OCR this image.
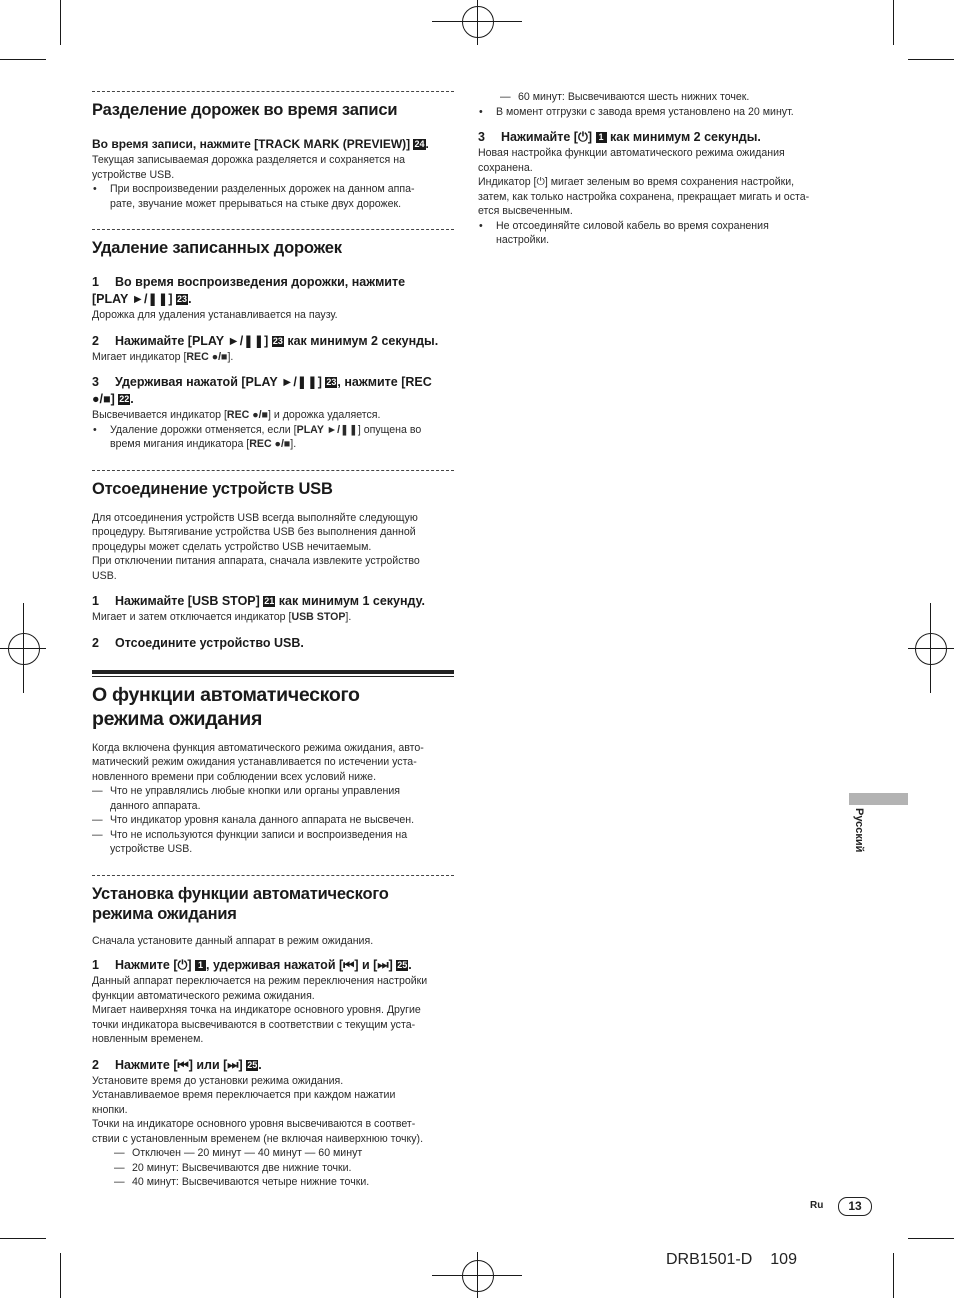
Разделение дорожек во время записи
Во время записи, нажмите [TRACK MARK (PREVIEW)] 24.
Текущая записываемая дорожка разделяется и сохраняется на
устройстве USB.
• При воспроизведении разделенных дорожек на данном аппа-
рате, звучание может прерываться на стыке двух дорожек.
Удаление записанных дорожек
1 Во время воспроизведения дорожки, нажмите
[PLAY ►/❚❚] 23.
Дорожка для удаления устанавливается на паузу.
2 Нажимайте [PLAY ►/❚❚] 23 как минимум 2 секунды.
Мигает индикатор [REC ●/■].
3 Удерживая нажатой [PLAY ►/❚❚] 23, нажмите [REC
●/■] 22.
Высвечивается индикатор [REC ●/■] и дорожка удаляется.
• Удаление дорожки отменяется, если [PLAY ►/❚❚] опущена во
время мигания индикатора [REC ●/■].
Отсоединение устройств USB
Для отсоединения устройств USB всегда выполняйте следующую
процедуру. Вытягивание устройства USB без выполнения данной
процедуры может сделать устройство USB нечитаемым.
При отключении питания аппарата, сначала извлеките устройство
USB.
1 Нажимайте [USB STOP] 21 как минимум 1 секунду.
Мигает и затем отключается индикатор [USB STOP].
2 Отсоедините устройство USB.
О функции автоматического
режима ожидания
Когда включена функция автоматического режима ожидания, авто-
матический режим ожидания устанавливается по истечении уста-
новленного времени при соблюдении всех условий ниже.
— Что не управлялись любые кнопки или органы управления
данного аппарата.
— Что индикатор уровня канала данного аппарата не высвечен.
— Что не используются функции записи и воспроизведения на
устройстве USB.
Установка функции автоматического
режима ожидания
Сначала установите данный аппарат в режим ожидания.
1 Нажмите [⏻] 1 , удерживая нажатой [⏮] и [⏭] 25.
Данный аппарат переключается на режим переключения настройки
функции автоматического режима ожидания.
Мигает наиверхняя точка на индикаторе основного уровня. Другие
точки индикатора высвечиваются в соответствии с текущим уста-
новленным временем.
2 Нажмите [⏮] или [⏭] 25.
Установите время до установки режима ожидания.
Устанавливаемое время переключается при каждом нажатии
кнопки.
Точки на индикаторе основного уровня высвечиваются в соответ-
ствии с установленным временем (не включая наиверхнюю точку).
— Отключен — 20 минут — 40 минут — 60 минут
— 20 минут: Высвечиваются две нижние точки.
— 40 минут: Высвечиваются четыре нижние точки.
— 60 минут: Высвечиваются шесть нижних точек.
• В момент отгрузки с завода время установлено на 20 минут.
3 Нажимайте [⏻] 1 как минимум 2 секунды.
Новая настройка функции автоматического режима ожидания
сохранена.
Индикатор [⏻] мигает зеленым во время сохранения настройки,
затем, как только настройка сохранена, прекращает мигать и оста-
ется высвеченным.
• Не отсоединяйте силовой кабель во время сохранения
настройки.
Русский
Ru	13
DRB1501-D 109
